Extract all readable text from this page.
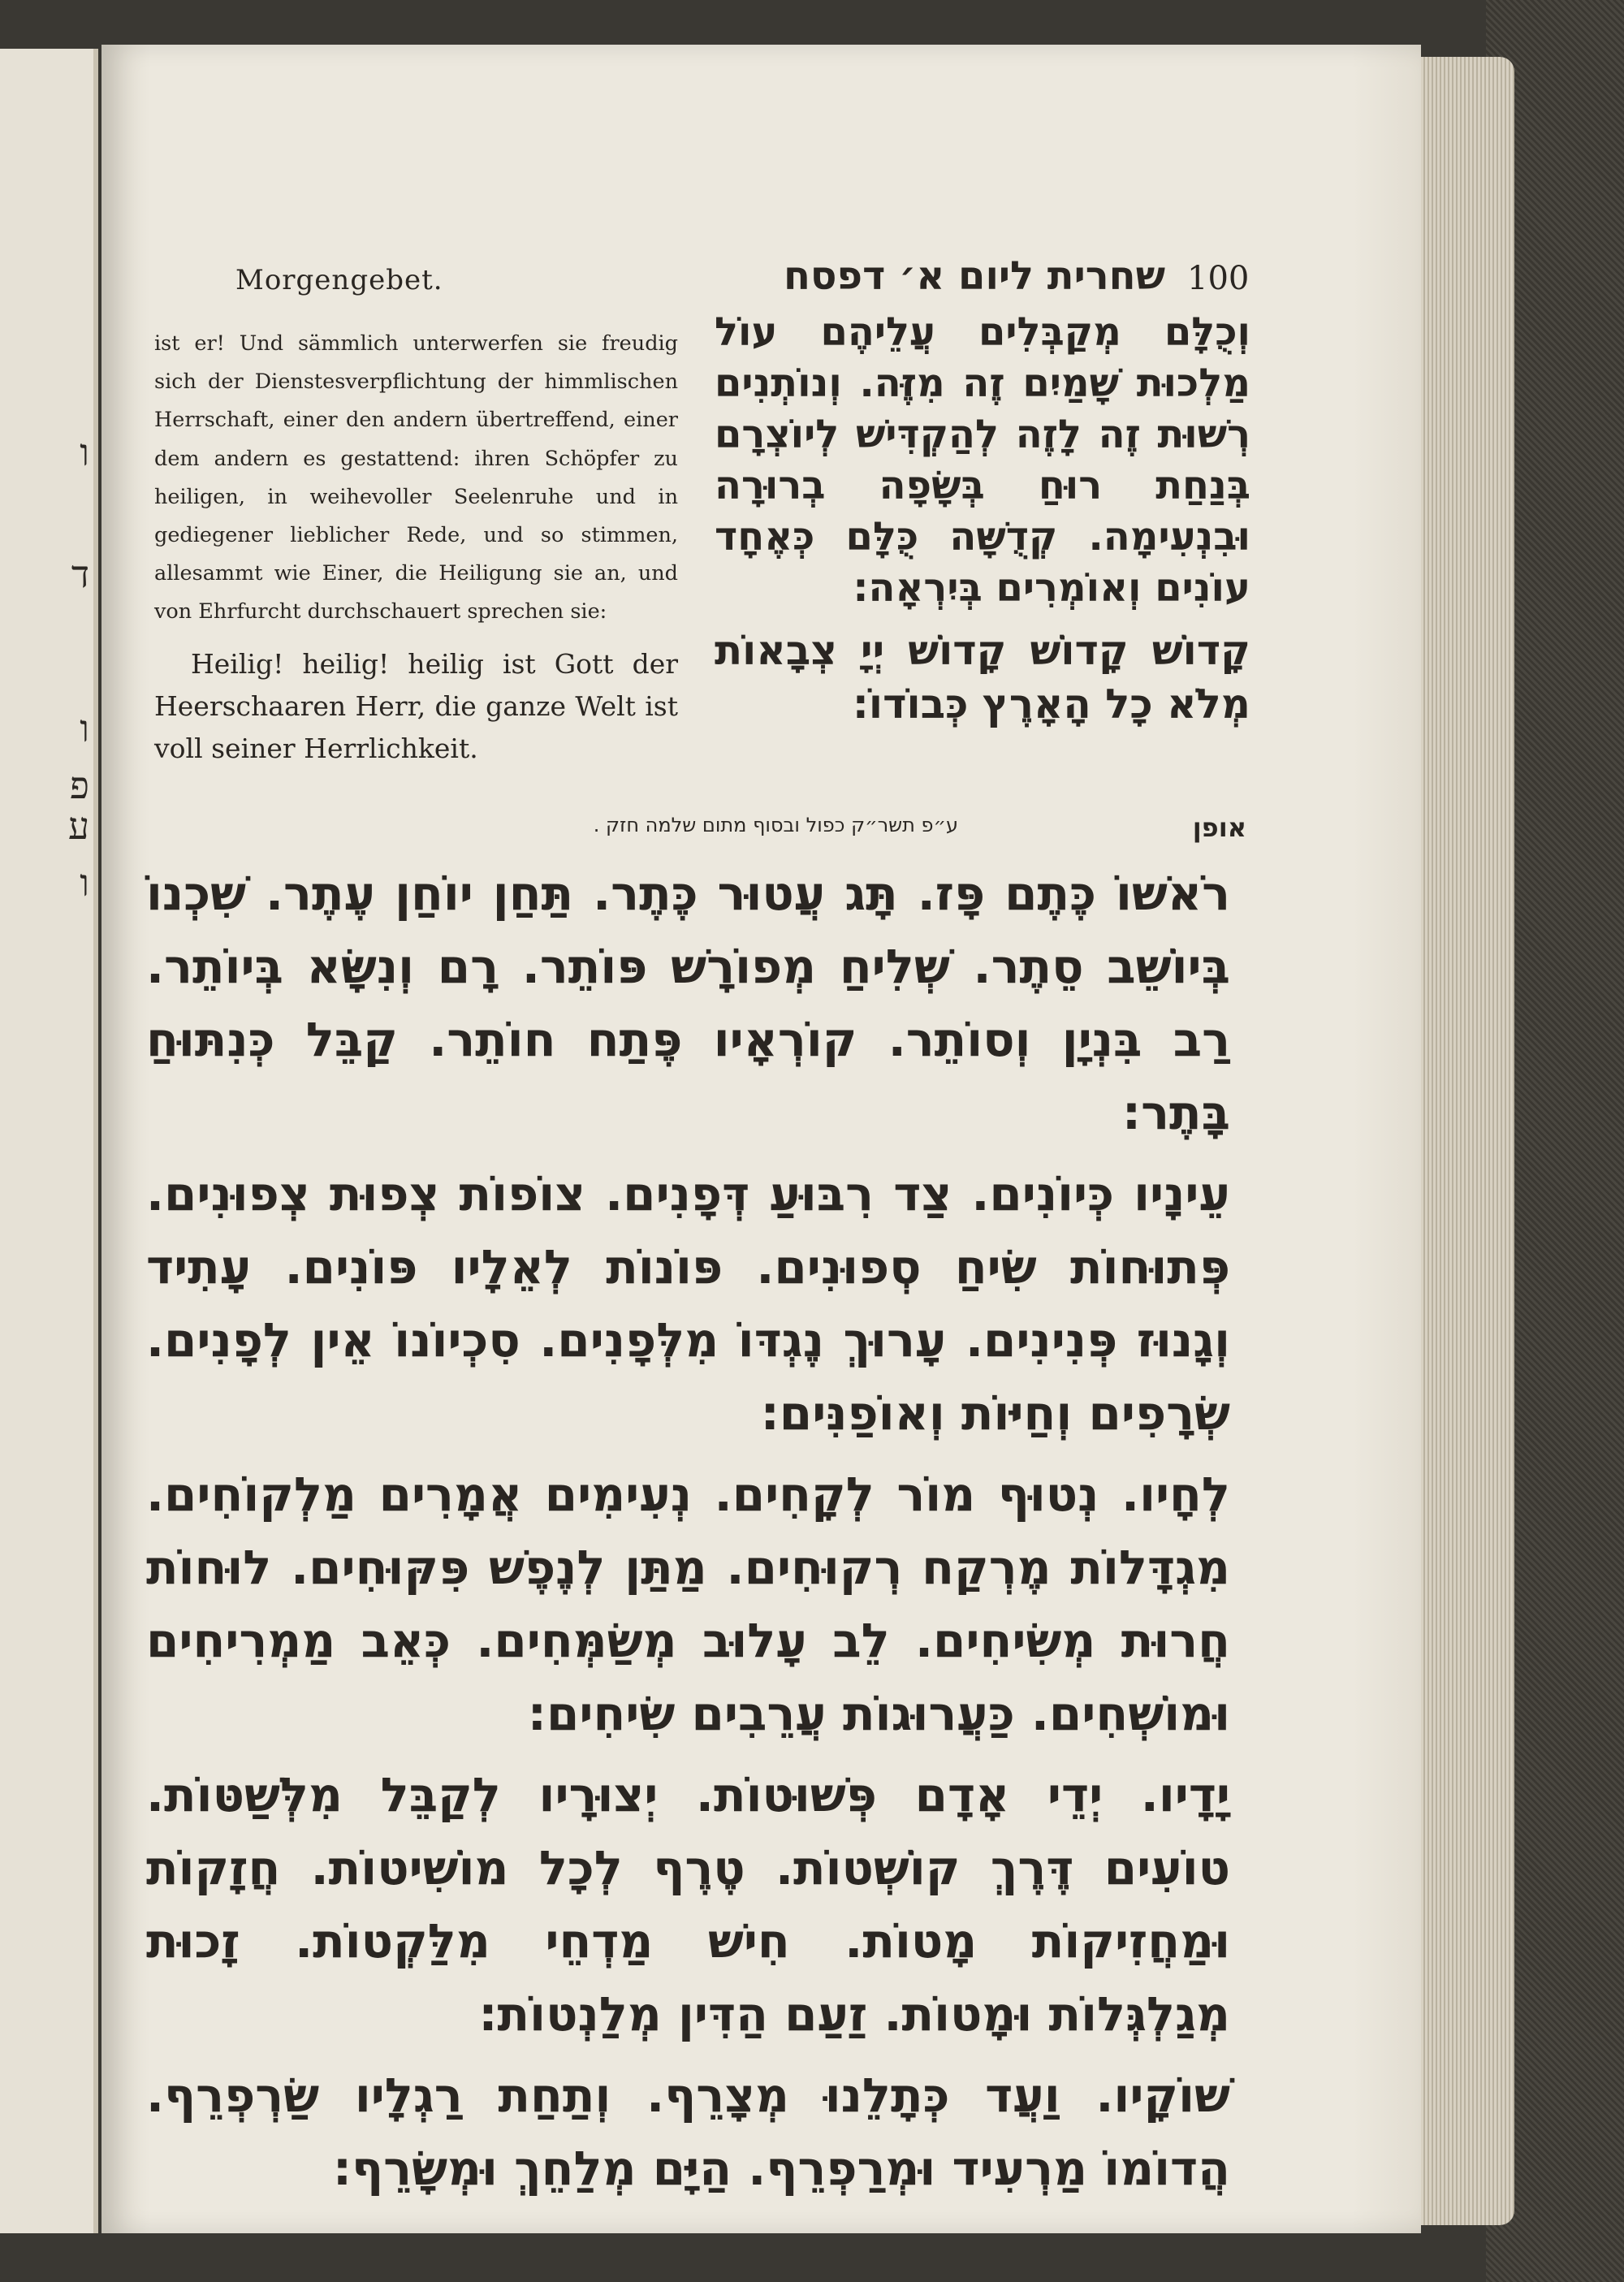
ו
ד
ו
פ
ע
ו
Morgengebet.	שחרית ליום א׳ דפסח 100

ist er! Und sämmlich unterwerfen sie freudig sich der Dienstesverpflichtung der himmlischen Herrschaft, einer den andern übertreffend, einer dem andern es gestattend: ihren Schöpfer zu heiligen, in weihevoller Seelenruhe und in gediegener lieblicher Rede, und so stimmen, allesammt wie Einer, die Heiligung sie an, und von Ehrfurcht durchschauert sprechen sie:

Heilig! heilig! heilig ist Gott der Heerschaaren Herr, die ganze Welt ist voll seiner Herrlichkeit.

וְכֻלָּם מְקַבְּלִים עֲלֵיהֶם עוֹל מַלְכוּת שָׁמַיִם זֶה מִזֶּה. וְנוֹתְנִים רְשׁוּת זֶה לָזֶה לְהַקְדִּישׁ לְיוֹצְרָם בְּנַחַת רוּחַ בְּשָׂפָה בְרוּרָה וּבִנְעִימָה. קְדֻשָּׁה כֻּלָּם כְּאֶחָד עוֹנִים וְאוֹמְרִים בְּיִרְאָה:

קָדוֹשׁ קָדוֹשׁ קָדוֹשׁ יְיָ צְבָאוֹת מְלֹא כָל הָאָרֶץ כְּבוֹדוֹ:

אופן
ע״פ תשר״ק כפול ובסוף מתום שלמה חזק .

רֹאשׁוֹ כֶּתֶם פָּז. תָּג עֲטוּר כֶּתֶר. תַּחַן יוֹחַן עֶתֶר. שִׁכְנוֹ בְּיוֹשֵׁב סֵתֶר. שְׁלִיחַ מְפוֹרָשׁ פּוֹתֵר. רָם וְנִשָּׂא בְּיוֹתֵר. רַב בִּנְיָן וְסוֹתֵר. קוֹרְאָיו פֶּתַח חוֹתֵר. קַבֵּל כְּנִתּוּחַ בָּתֶר:

עֵינָיו כְּיוֹנִים. צַד רִבּוּעַ דְּפָנִים. צוֹפוֹת צְפוּת צְפוּנִים. פְּתוּחוֹת שִׂיחַ סְפוּנִים. פּוֹנוֹת לְאֵלָיו פּוֹנִים. עָתִיד וְגָנוּז פְּנִינִים. עָרוּךְ נֶגְדּוֹ מִלְּפָנִים. סִכְיוֹנוֹ אֵין לְפָנִים. שְׂרָפִים וְחַיּוֹת וְאוֹפַנִּים:

לְחָיו. נְטוּף מוֹר לְקָחִים. נְעִימִים אֲמָרִים מַלְקוֹחִים. מִגְדָּלוֹת מֶרְקַח רְקוּחִים. מַתַּן לְנֶפֶשׁ פִּקּוּחִים. לוּחוֹת חֲרוּת מְשִׂיחִים. לֵב עָלוּב מְשַׂמְּחִים. כְּאֵב מַמְרִיחִים וּמוֹשְׁחִים. כַּעֲרוּגוֹת עֲרֵבִים שִׂיחִים:

יָדָיו. יְדֵי אָדָם פְּשׁוּטוֹת. יְצוּרָיו לְקַבֵּל מִלְּשַׁטּוֹת. טוֹעִים דֶּרֶךְ קוֹשְׁטוֹת. טֶרֶף לְכָל מוֹשִׁיטוֹת. חֲזָקוֹת וּמַחֲזִיקוֹת מָטוֹת. חִישׁ מַדְחֵי מִלַּקְטוֹת. זָכוּת מְגַלְגְּלוֹת וּמָטוֹת. זַעַם הַדִּין מְלַנְטוֹת:

שׁוֹקָיו. וַעֲד כְּתָלֵנוּ מְצָרֵף. וְתַחַת רַגְלָיו שַׂרְפְרֵף. הֲדוֹמוֹ מַרְעִיד וּמְרַפְרֵף. הַיָּם מְלַחֵךְ וּמְשָׂרֵף:
